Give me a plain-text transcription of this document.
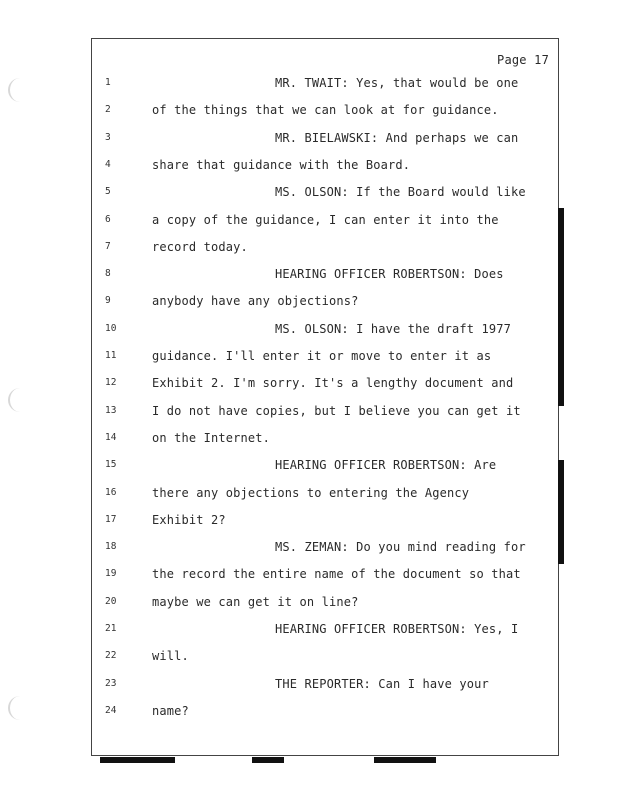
Page 17
1	MR. TWAIT: Yes, that would be one
2	of the things that we can look at for guidance.
3	MR. BIELAWSKI: And perhaps we can
4	share that guidance with the Board.
5	MS. OLSON: If the Board would like
6	a copy of the guidance, I can enter it into the
7	record today.
8	HEARING OFFICER ROBERTSON: Does
9	anybody have any objections?
10	MS. OLSON: I have the draft 1977
11	guidance. I'll enter it or move to enter it as
12	Exhibit 2. I'm sorry. It's a lengthy document and
13	I do not have copies, but I believe you can get it
14	on the Internet.
15	HEARING OFFICER ROBERTSON: Are
16	there any objections to entering the Agency
17	Exhibit 2?
18	MS. ZEMAN: Do you mind reading for
19	the record the entire name of the document so that
20	maybe we can get it on line?
21	HEARING OFFICER ROBERTSON: Yes, I
22	will.
23	THE REPORTER: Can I have your
24	name?
